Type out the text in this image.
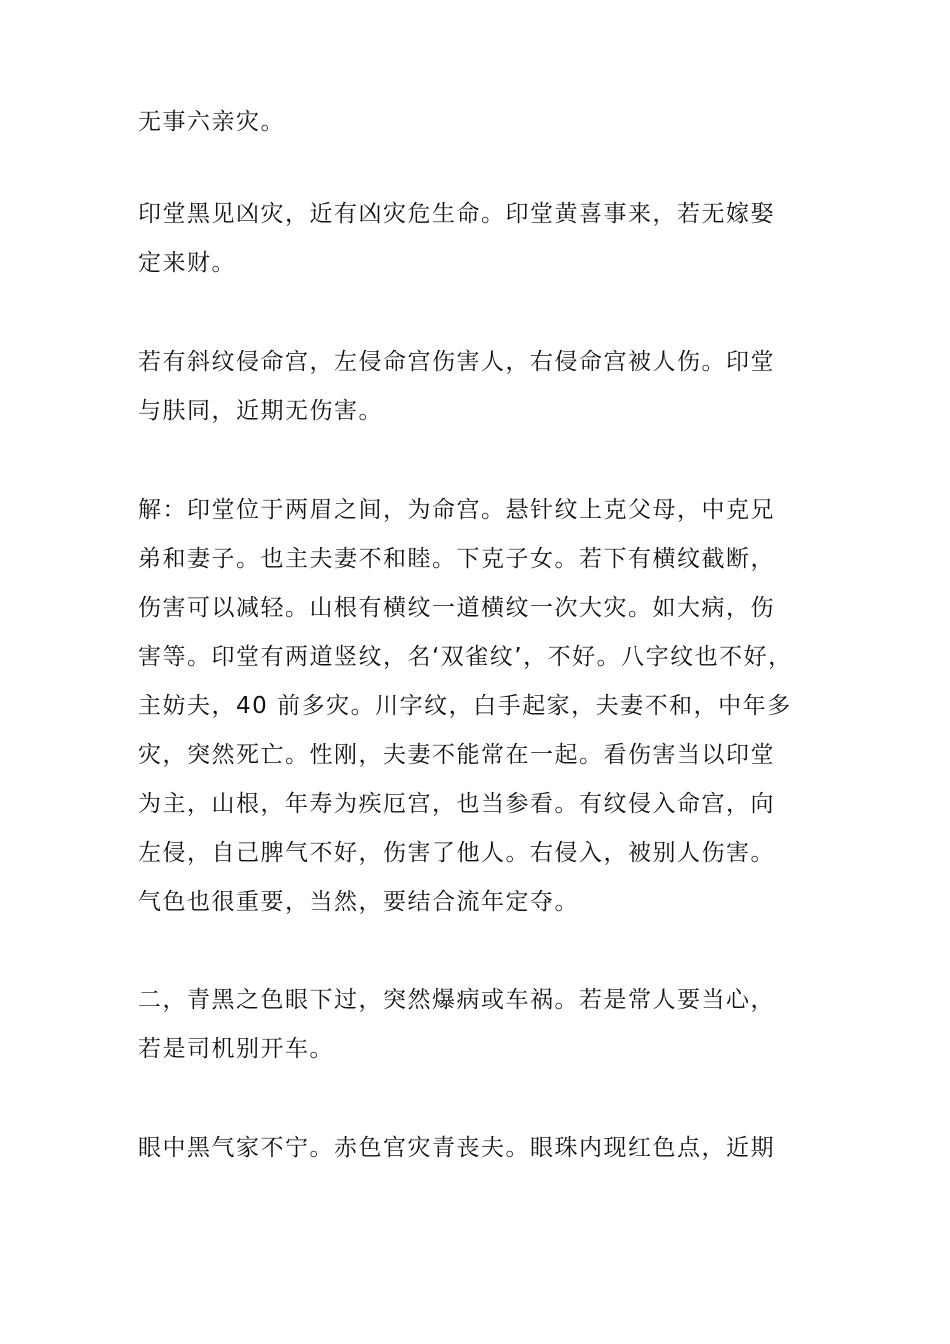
无事六亲灾。
印堂黑见凶灾，近有凶灾危生命。印堂黄喜事来，若无嫁娶
定来财。
若有斜纹侵命宫，左侵命宫伤害人，右侵命宫被人伤。印堂
与肤同，近期无伤害。
解：印堂位于两眉之间，为命宫。悬针纹上克父母，中克兄
弟和妻子。也主夫妻不和睦。下克子女。若下有横纹截断，
伤害可以减轻。山根有横纹一道横纹一次大灾。如大病，伤
害等。印堂有两道竖纹，名‘双雀纹’，不好。八字纹也不好，
主妨夫，40 前多灾。川字纹，白手起家，夫妻不和，中年多
灾，突然死亡。性刚，夫妻不能常在一起。看伤害当以印堂
为主，山根，年寿为疾厄宫，也当参看。有纹侵入命宫，向
左侵，自己脾气不好，伤害了他人。右侵入，被别人伤害。
气色也很重要，当然，要结合流年定夺。
二，青黑之色眼下过，突然爆病或车祸。若是常人要当心，
若是司机别开车。
眼中黑气家不宁。赤色官灾青丧夫。眼珠内现红色点，近期
